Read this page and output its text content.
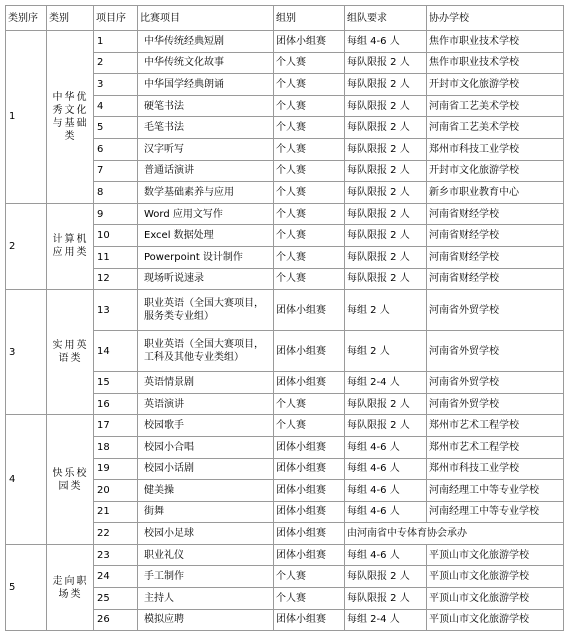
类别序	类别	项目序	比赛项目	组别	组队要求	协办学校
1	中华优秀文化与基础类	1	中华传统经典短剧	团体小组赛	每组 4-6 人	焦作市职业技术学校
		2	中华传统文化故事	个人赛	每队限报 2 人	焦作市职业技术学校
		3	中华国学经典朗诵	个人赛	每队限报 2 人	开封市文化旅游学校
		4	硬笔书法	个人赛	每队限报 2 人	河南省工艺美术学校
		5	毛笔书法	个人赛	每队限报 2 人	河南省工艺美术学校
		6	汉字听写	个人赛	每队限报 2 人	郑州市科技工业学校
		7	普通话演讲	个人赛	每队限报 2 人	开封市文化旅游学校
		8	数学基础素养与应用	个人赛	每队限报 2 人	新乡市职业教育中心
2	计算机应用类	9	Word 应用文写作	个人赛	每队限报 2 人	河南省财经学校
		10	Excel 数据处理	个人赛	每队限报 2 人	河南省财经学校
		11	Powerpoint 设计制作	个人赛	每队限报 2 人	河南省财经学校
		12	现场听说速录	个人赛	每队限报 2 人	河南省财经学校
3	实用英语类	13	职业英语（全国大赛项目，服务类专业组）	团体小组赛	每组 2 人	河南省外贸学校
		14	职业英语（全国大赛项目，工科及其他专业类组）	团体小组赛	每组 2 人	河南省外贸学校
		15	英语情景剧	团体小组赛	每组 2-4 人	河南省外贸学校
		16	英语演讲	个人赛	每队限报 2 人	河南省外贸学校
4	快乐校园类	17	校园歌手	个人赛	每队限报 2 人	郑州市艺术工程学校
		18	校园小合唱	团体小组赛	每组 4-6 人	郑州市艺术工程学校
		19	校园小话剧	团体小组赛	每组 4-6 人	郑州市科技工业学校
		20	健美操	团体小组赛	每组 4-6 人	河南经理工中等专业学校
		21	街舞	团体小组赛	每组 4-6 人	河南经理工中等专业学校
		22	校园小足球	团体小组赛	由河南省中专体育协会承办	
5	走向职场类	23	职业礼仪	团体小组赛	每组 4-6 人	平顶山市文化旅游学校
		24	手工制作	个人赛	每队限报 2 人	平顶山市文化旅游学校
		25	主持人	个人赛	每队限报 2 人	平顶山市文化旅游学校
		26	模拟应聘	团体小组赛	每组 2-4 人	平顶山市文化旅游学校
